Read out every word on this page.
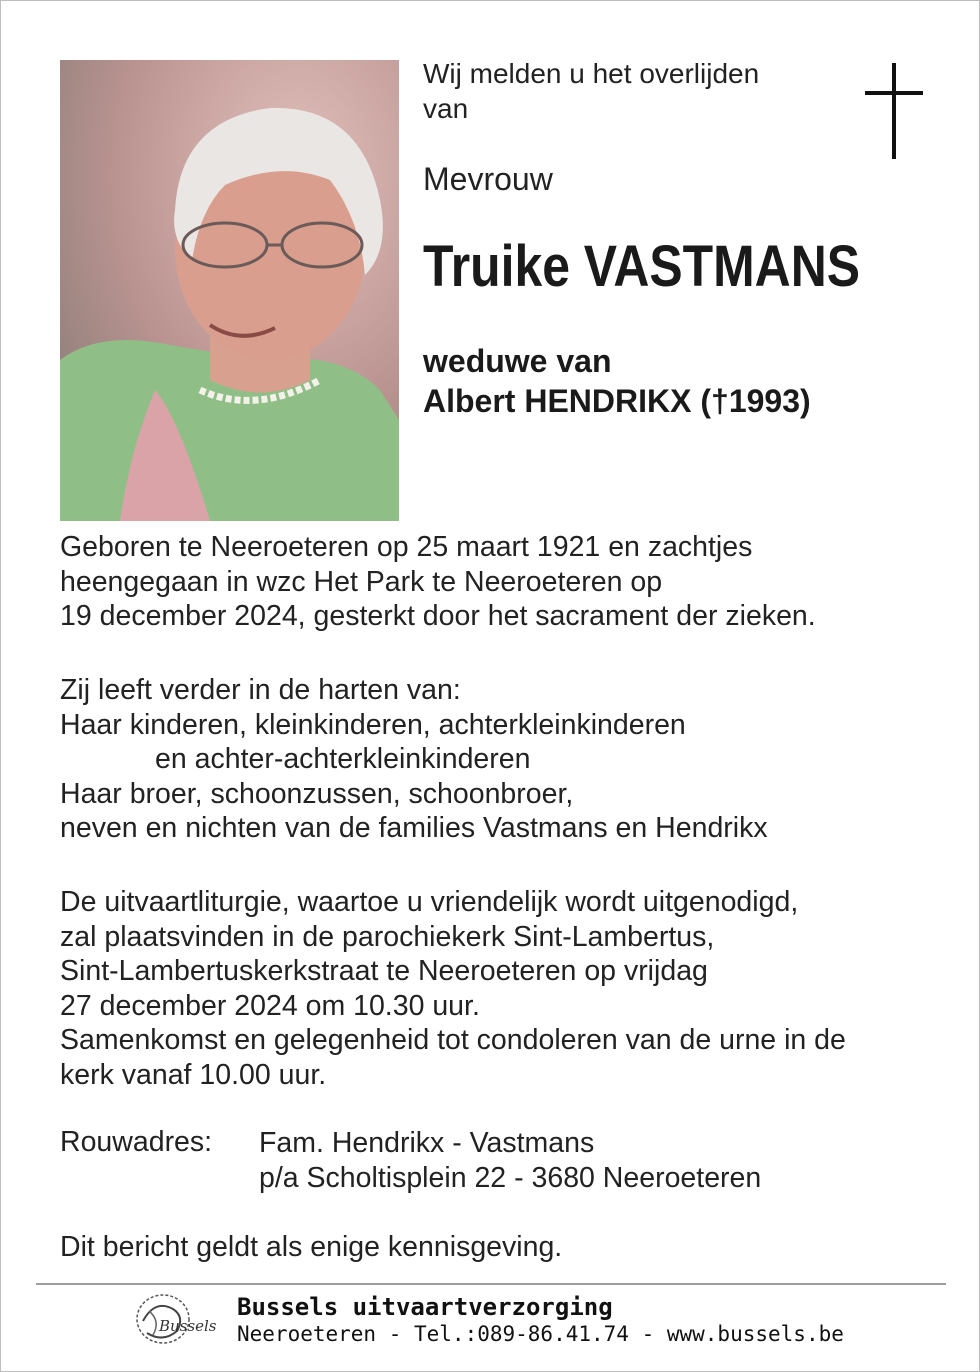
Wij melden u het overlijden
van
Mevrouw
Truike VASTMANS
weduwe van
Albert HENDRIKX (†1993)
Geboren te Neeroeteren op 25 maart 1921 en zachtjes
heengegaan in wzc Het Park te Neeroeteren op
19 december 2024, gesterkt door het sacrament der zieken.
Zij leeft verder in de harten van:
Haar kinderen, kleinkinderen, achterkleinkinderen
en achter-achterkleinkinderen
Haar broer, schoonzussen, schoonbroer,
neven en nichten van de families Vastmans en Hendrikx
De uitvaartliturgie, waartoe u vriendelijk wordt uitgenodigd,
zal plaatsvinden in de parochiekerk Sint-Lambertus,
Sint-Lambertuskerkstraat te Neeroeteren op vrijdag
27 december 2024 om 10.30 uur.
Samenkomst en gelegenheid tot condoleren van de urne in de
kerk vanaf 10.00 uur.
Rouwadres: Fam. Hendrikx - Vastmans
p/a Scholtisplein 22 - 3680 Neeroeteren
Dit bericht geldt als enige kennisgeving.
Bussels
Bussels uitvaartverzorging
Neeroeteren - Tel.:089-86.41.74 - www.bussels.be
